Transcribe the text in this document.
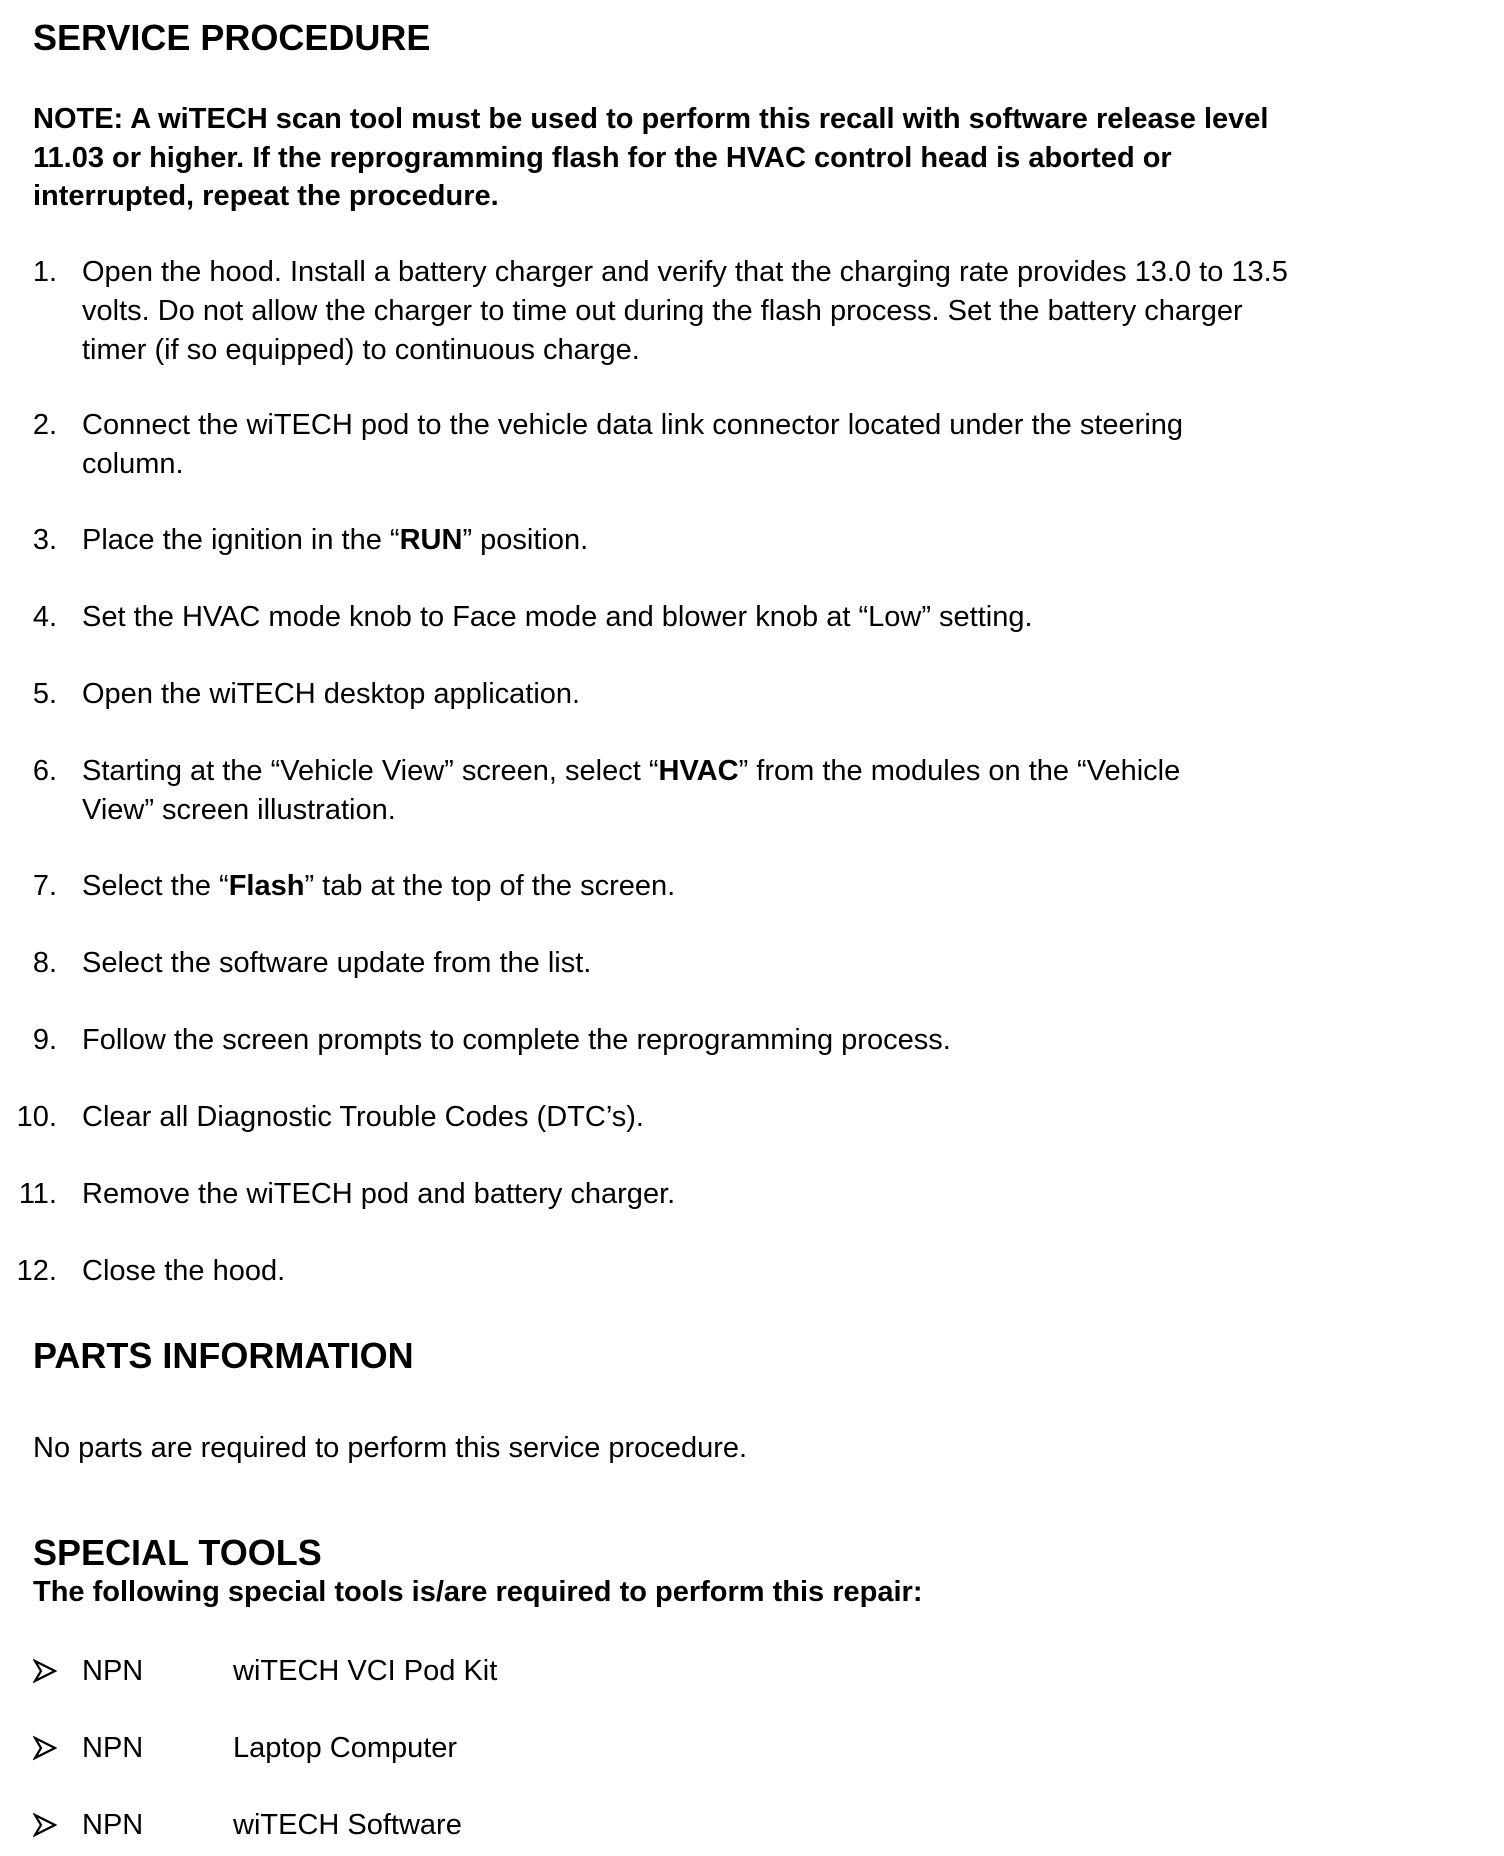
SERVICE PROCEDURE
NOTE: A wiTECH scan tool must be used to perform this recall with software release level
11.03 or higher. If the reprogramming flash for the HVAC control head is aborted or
interrupted, repeat the procedure.
1. Open the hood. Install a battery charger and verify that the charging rate provides 13.0 to 13.5
volts. Do not allow the charger to time out during the flash process. Set the battery charger
timer (if so equipped) to continuous charge.
2. Connect the wiTECH pod to the vehicle data link connector located under the steering
column.
3. Place the ignition in the “RUN” position.
4. Set the HVAC mode knob to Face mode and blower knob at “Low” setting.
5. Open the wiTECH desktop application.
6. Starting at the “Vehicle View” screen, select “HVAC” from the modules on the “Vehicle
View” screen illustration.
7. Select the “Flash” tab at the top of the screen.
8. Select the software update from the list.
9. Follow the screen prompts to complete the reprogramming process.
10. Clear all Diagnostic Trouble Codes (DTC’s).
11. Remove the wiTECH pod and battery charger.
12. Close the hood.
PARTS INFORMATION
No parts are required to perform this service procedure.
SPECIAL TOOLS
The following special tools is/are required to perform this repair:
NPN	wiTECH VCI Pod Kit
NPN	Laptop Computer
NPN	wiTECH Software
